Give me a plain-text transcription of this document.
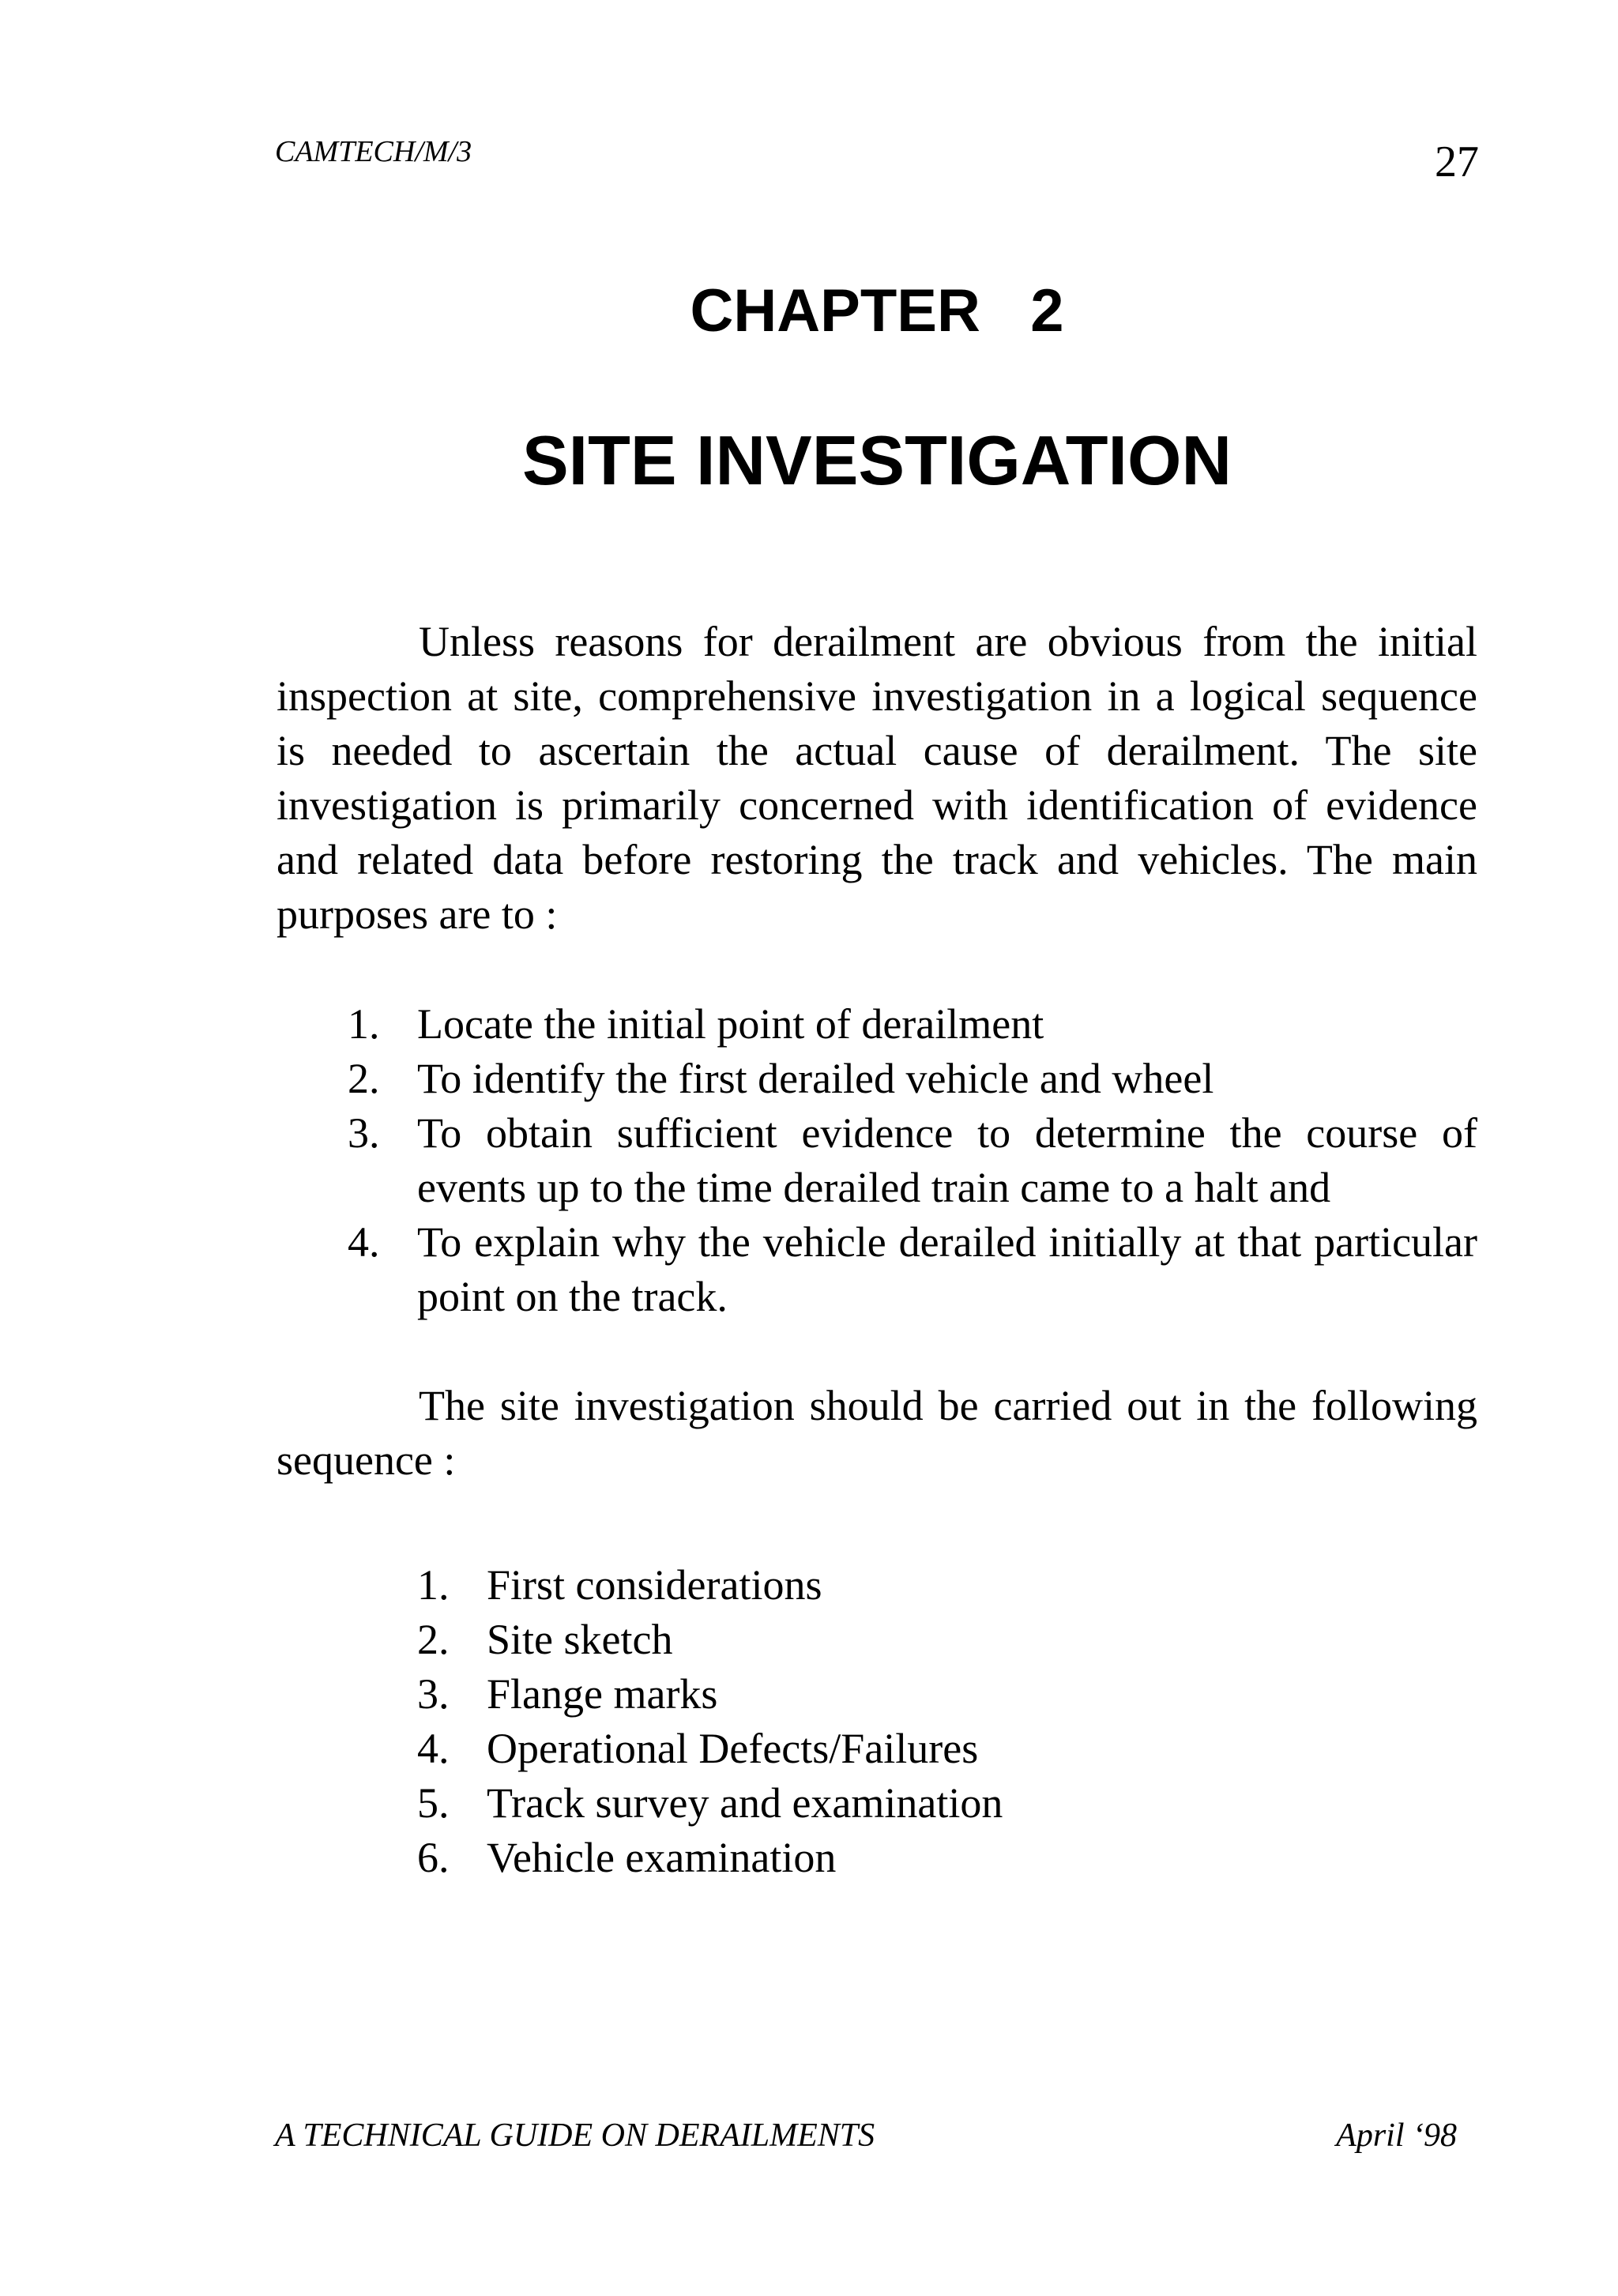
CAMTECH/M/3	27
CHAPTER   2
SITE INVESTIGATION

Unless reasons for derailment are obvious from the initial inspection at site, comprehensive investigation in a logical sequence is needed to ascertain the actual cause of derailment. The site investigation is primarily concerned with identification of evidence and related data before restoring the track and vehicles. The main purposes are to :

1. Locate the initial point of derailment
2. To identify the first derailed vehicle and wheel
3. To obtain sufficient evidence to determine the course of events up to the time derailed train came to a halt and
4. To explain why the vehicle derailed initially at that particular point on the track.

The site investigation should be carried out in the following sequence :

1. First considerations
2. Site sketch
3. Flange marks
4. Operational Defects/Failures
5. Track survey and examination
6. Vehicle examination
A TECHNICAL GUIDE ON DERAILMENTS	April ‘98
